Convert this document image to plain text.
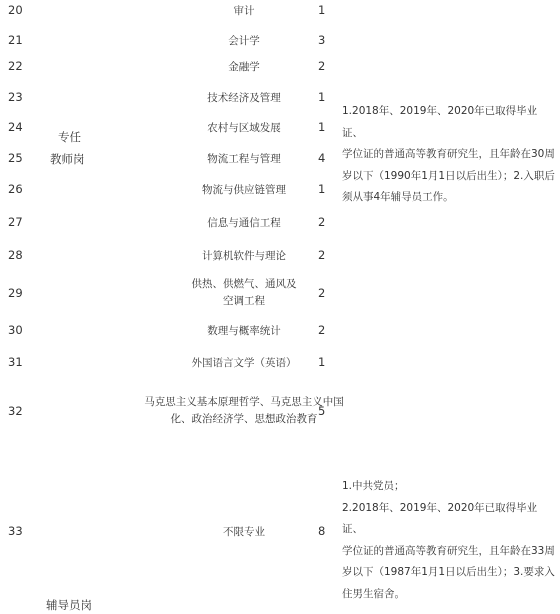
20
21
22
23
24
25
26
27
28
29
30
31
32
33
专任
教师岗
辅导员岗
审计
会计学
金融学
技术经济及管理
农村与区域发展
物流工程与管理
物流与供应链管理
信息与通信工程
计算机软件与理论
供热、供燃气、通风及
空调工程
数理与概率统计
外国语言文学（英语）
马克思主义基本原理哲学、马克思主义中国
化、政治经济学、思想政治教育
不限专业
1
3
2
1
1
4
1
2
2
2
2
1
5
8
1.2018年、2019年、2020年已取得毕业证、
学位证的普通高等教育研究生，且年龄在30周
岁以下（1990年1月1日以后出生）；2.入职后
须从事4年辅导员工作。
1.中共党员；
2.2018年、2019年、2020年已取得毕业证、
学位证的普通高等教育研究生，且年龄在33周
岁以下（1987年1月1日以后出生）；3.要求入
住男生宿舍。
